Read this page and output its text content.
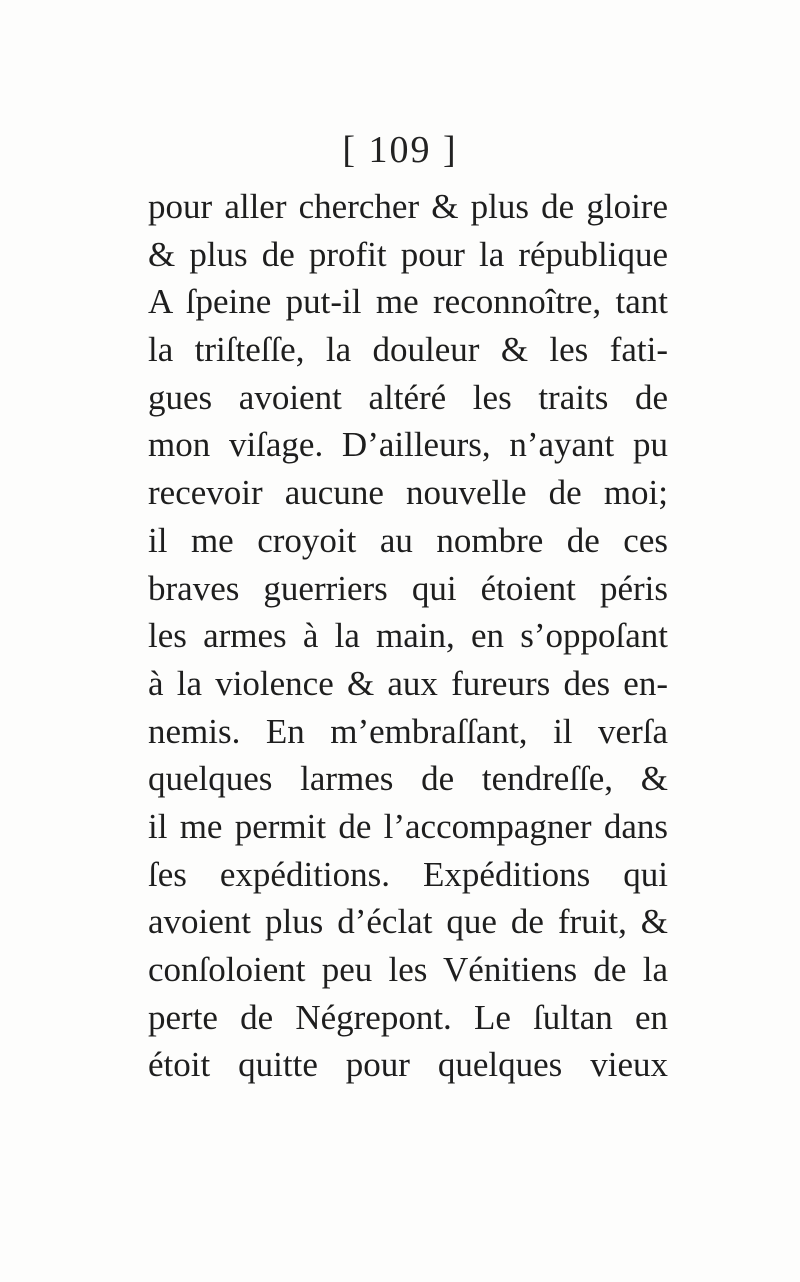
[ 109 ]
pour aller chercher & plus de gloire
& plus de profit pour la république
A ſpeine put-il me reconnoître, tant
la triſteſſe, la douleur & les fati-
gues avoient altéré les traits de
mon viſage. D’ailleurs, n’ayant pu
recevoir aucune nouvelle de moi;
il me croyoit au nombre de ces
braves guerriers qui étoient péris
les armes à la main, en s’oppoſant
à la violence & aux fureurs des en-
nemis. En m’embraſſant, il verſa
quelques larmes de tendreſſe, &
il me permit de l’accompagner dans
ſes expéditions. Expéditions qui
avoient plus d’éclat que de fruit, &
conſoloient peu les Vénitiens de la
perte de Négrepont. Le ſultan en
étoit quitte pour quelques vieux
